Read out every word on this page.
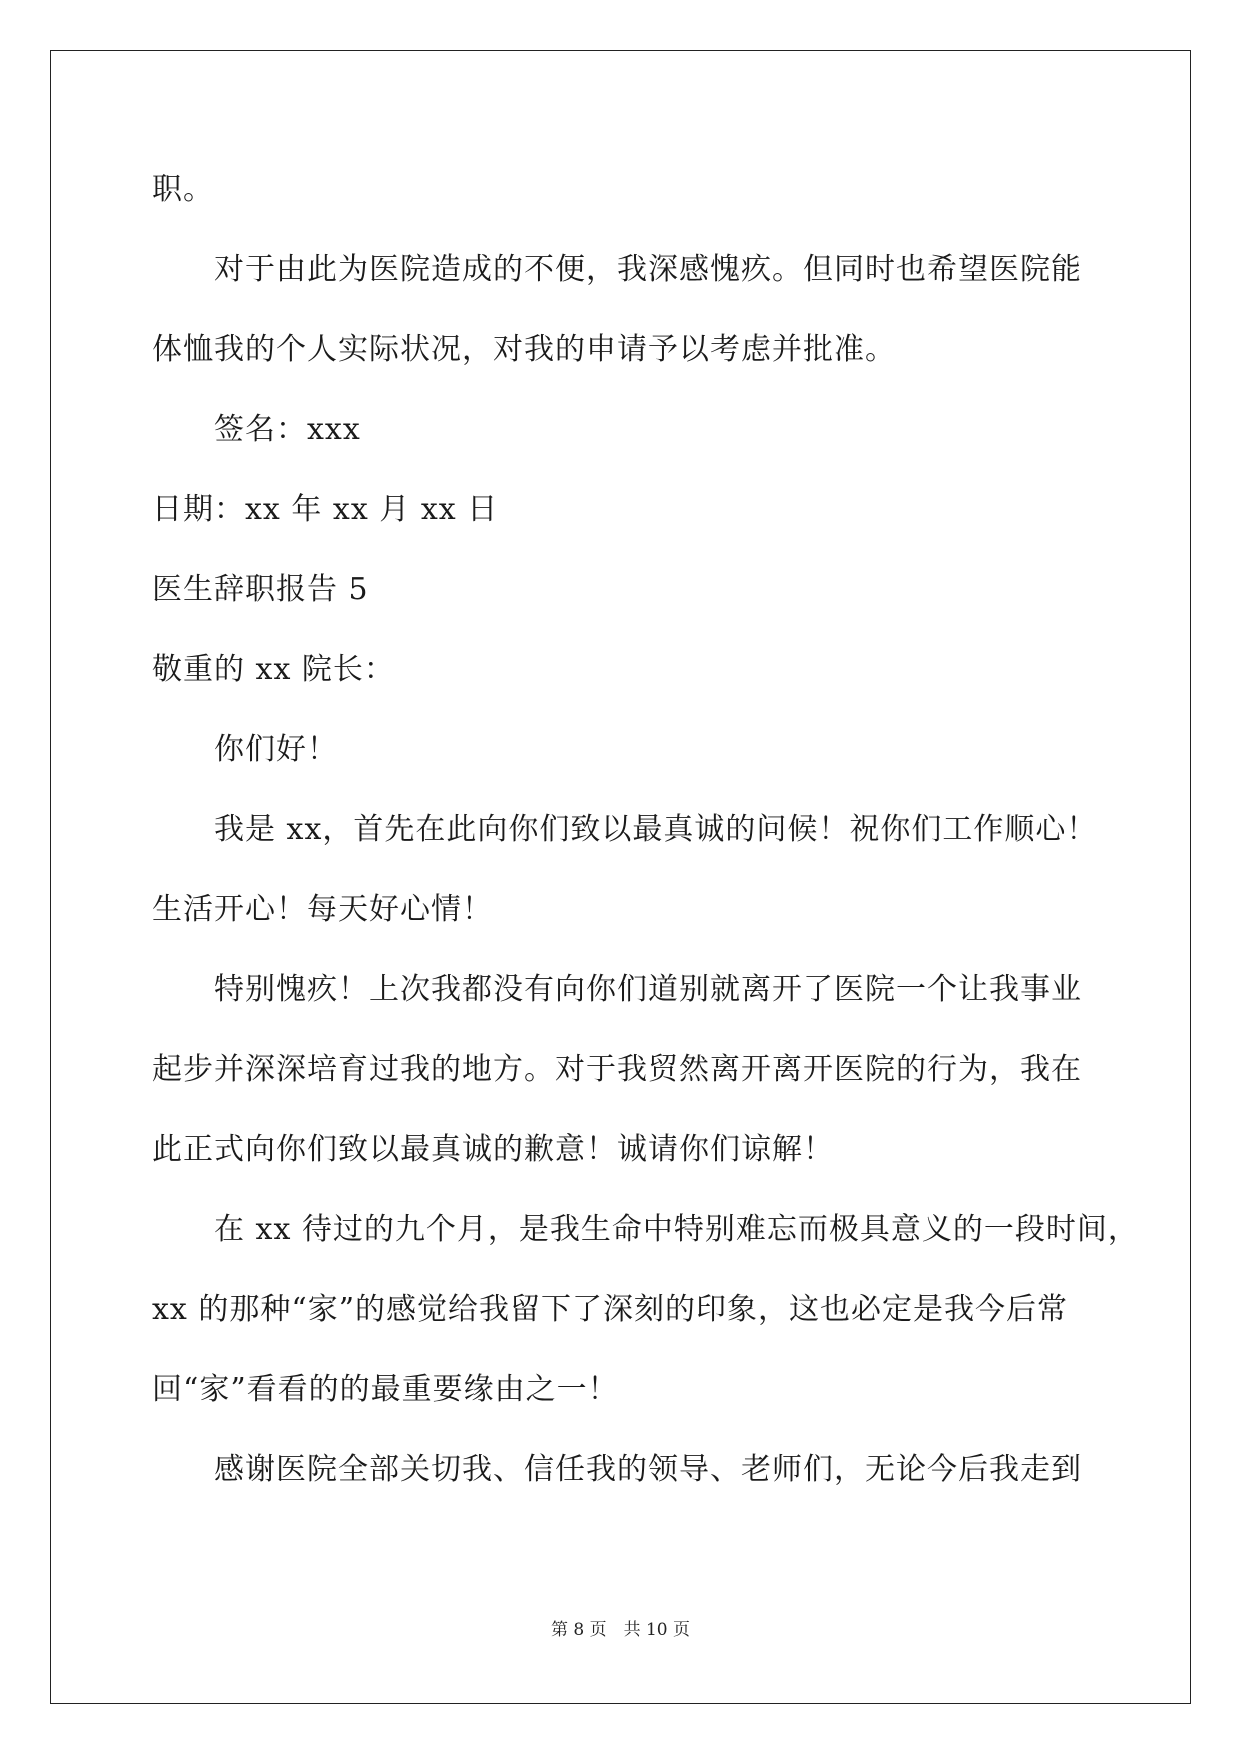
职。
对于由此为医院造成的不便，我深感愧疚。但同时也希望医院能
体恤我的个人实际状况，对我的申请予以考虑并批准。
签名：xxx
日期：xx 年 xx 月 xx 日
医生辞职报告 5
敬重的 xx 院长：
你们好！
我是 xx，首先在此向你们致以最真诚的问候！祝你们工作顺心！
生活开心！每天好心情！
特别愧疚！上次我都没有向你们道别就离开了医院一个让我事业
起步并深深培育过我的地方。对于我贸然离开离开医院的行为，我在
此正式向你们致以最真诚的歉意！诚请你们谅解！
在 xx 待过的九个月，是我生命中特别难忘而极具意义的一段时间，
xx 的那种“家”的感觉给我留下了深刻的印象，这也必定是我今后常
回“家”看看的的最重要缘由之一！
感谢医院全部关切我、信任我的领导、老师们，无论今后我走到
第 8 页　共 10 页
